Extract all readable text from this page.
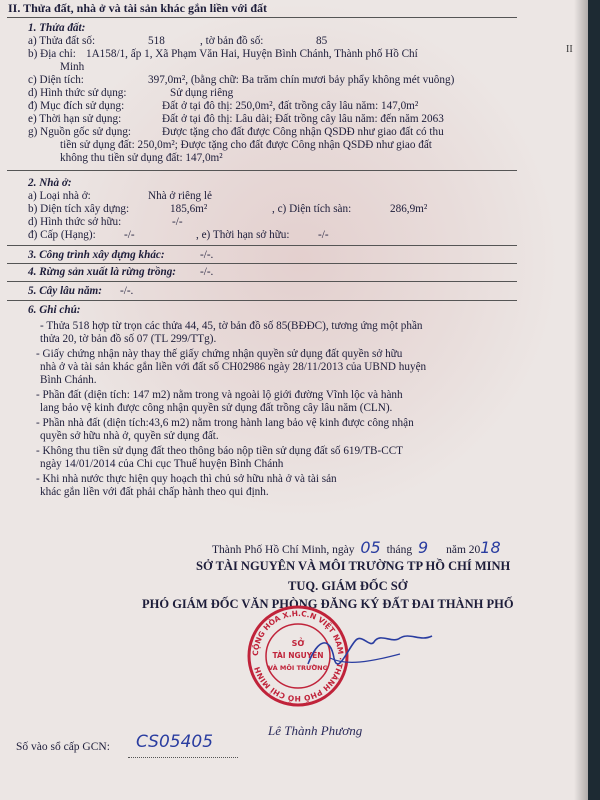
II. Thửa đất, nhà ở và tài sản khác gắn liền với đất
II
1. Thửa đất:
a) Thửa đất số:	518	, tờ bản đồ số:	85
b) Địa chỉ: 1A158/1, ấp 1, Xã Phạm Văn Hai, Huyện Bình Chánh, Thành phố Hồ Chí
Minh
c) Diện tích:	397,0m², (bằng chữ: Ba trăm chín mươi bảy phẩy không mét vuông)
d) Hình thức sử dụng:	Sử dụng riêng
đ) Mục đích sử dụng:	Đất ở tại đô thị: 250,0m², đất trồng cây lâu năm: 147,0m²
e) Thời hạn sử dụng:	Đất ở tại đô thị: Lâu dài; Đất trồng cây lâu năm: đến năm 2063
g) Nguồn gốc sử dụng:	Được tặng cho đất được Công nhận QSDĐ như giao đất có thu
tiền sử dụng đất: 250,0m²; Được tặng cho đất được Công nhận QSDĐ như giao đất
không thu tiền sử dụng đất: 147,0m²
2. Nhà ở:
a) Loại nhà ở:	Nhà ở riêng lẻ
b) Diện tích xây dựng:	185,6m²	, c) Diện tích sàn:	286,9m²
d) Hình thức sở hữu:	-/-
đ) Cấp (Hạng):	-/-	, e) Thời hạn sở hữu:	-/-
3. Công trình xây dựng khác:	-/-.
4. Rừng sản xuất là rừng trồng: -/-.
5. Cây lâu năm: -/-.
6. Ghi chú:
- Thửa 518 hợp từ trọn các thửa 44, 45, tờ bản đồ số 85(BĐĐC), tương ứng một phần
thửa 20, tờ bản đồ số 07 (TL 299/TTg).
- Giấy chứng nhận này thay thế giấy chứng nhận quyền sử dụng đất quyền sở hữu
nhà ở và tài sản khác gắn liền với đất số CH02986 ngày 28/11/2013 của UBND huyện
Bình Chánh.
- Phần đất (diện tích: 147 m2) nằm trong và ngoài lộ giới đường Vĩnh lộc và hành
lang bảo vệ kinh được công nhận quyền sử dụng đất trồng cây lâu năm (CLN).
- Phần nhà đất (diện tích:43,6 m2) nằm trong hành lang bảo vệ kinh được công nhận
quyền sở hữu nhà ở, quyền sử dụng đất.
- Không thu tiền sử dụng đất theo thông báo nộp tiền sử dụng đất số 619/TB-CCT
ngày 14/01/2014 của Chi cục Thuế huyện Bình Chánh
- Khi nhà nước thực hiện quy hoạch thì chủ sở hữu nhà ở và tài sản
khác gắn liền với đất phải chấp hành theo qui định.
Thành Phố Hồ Chí Minh, ngày 05 tháng 9 năm 2018
SỞ TÀI NGUYÊN VÀ MÔI TRƯỜNG TP HỒ CHÍ MINH
TUQ. GIÁM ĐỐC SỞ
PHÓ GIÁM ĐỐC VĂN PHÒNG ĐĂNG KÝ ĐẤT ĐAI THÀNH PHỐ
CỘNG HÒA X.H.C.N VIỆT NAM · THÀNH PHỐ HỒ CHÍ MINH
SỞ
TÀI NGUYÊN
VÀ MÔI TRƯỜNG
Lê Thành Phương
Số vào sổ cấp GCN: CS05405
